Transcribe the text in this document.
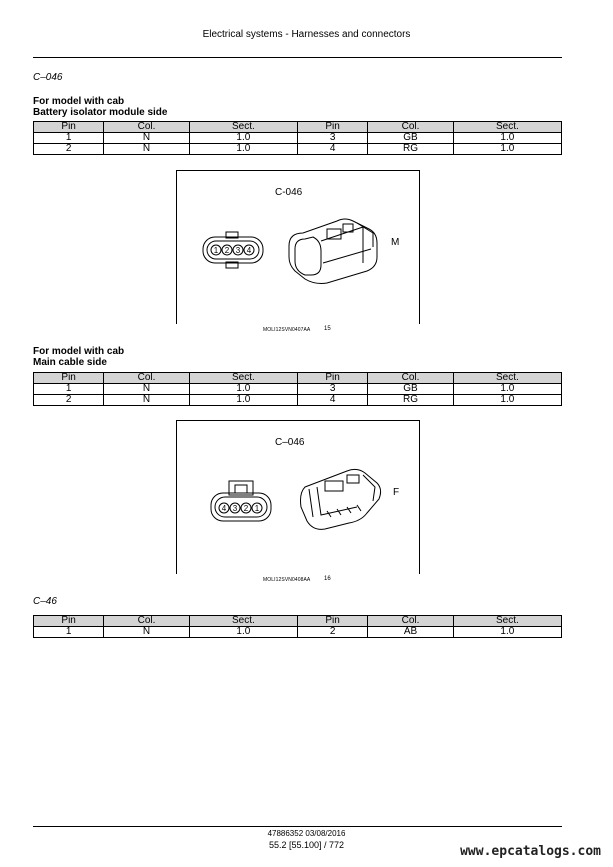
Electrical systems - Harnesses and connectors
C–046
For model with cab
Battery isolator module side
Pin	Col.	Sect.	Pin	Col.	Sect.
1	N	1.0	3	GB	1.0
2	N	1.0	4	RG	1.0
C-046
M
1 2 3 4
MOLI12SVN0407AA 15
For model with cab
Main cable side
Pin	Col.	Sect.	Pin	Col.	Sect.
1	N	1.0	3	GB	1.0
2	N	1.0	4	RG	1.0
C–046
F
4 3 2 1
MOLI12SVN0408AA 16
C–46
Pin	Col.	Sect.	Pin	Col.	Sect.
1	N	1.0	2	AB	1.0
47886352 03/08/2016
55.2 [55.100] / 772	www.epcatalogs.com
